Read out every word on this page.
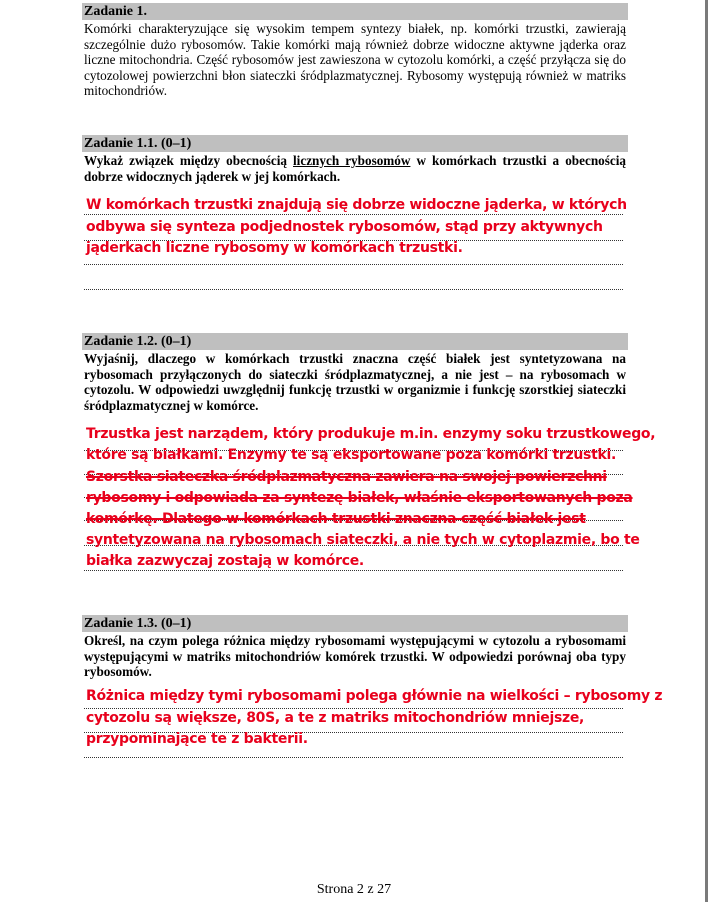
Zadanie 1.

Komórki charakteryzujące się wysokim tempem syntezy białek, np. komórki trzustki, zawierają szczególnie dużo rybosomów. Takie komórki mają również dobrze widoczne aktywne jąderka oraz liczne mitochondria. Część rybosomów jest zawieszona w cytozolu komórki, a część przyłącza się do cytozolowej powierzchni błon siateczki śródplazmatycznej. Rybosomy występują również w matriks mitochondriów.

Zadanie 1.1. (0–1)

Wykaż związek między obecnością licznych rybosomów w komórkach trzustki a obecnością dobrze widocznych jąderek w jej komórkach.

W komórkach trzustki znajdują się dobrze widoczne jąderka, w których

odbywa się synteza podjednostek rybosomów, stąd przy aktywnych

jąderkach liczne rybosomy w komórkach trzustki.

Zadanie 1.2. (0–1)

Wyjaśnij, dlaczego w komórkach trzustki znaczna część białek jest syntetyzowana na rybosomach przyłączonych do siateczki śródplazmatycznej, a nie jest – na rybosomach w cytozolu. W odpowiedzi uwzględnij funkcję trzustki w organizmie i funkcję szorstkiej siateczki śródplazmatycznej w komórce.

Trzustka jest narządem, który produkuje m.in. enzymy soku trzustkowego,

które są białkami. Enzymy te są eksportowane poza komórki trzustki.

Szorstka siateczka śródplazmatyczna zawiera na swojej powierzchni

rybosomy i odpowiada za syntezę białek, właśnie eksportowanych poza

komórkę. Dlatego w komórkach trzustki znaczna część białek jest

syntetyzowana na rybosomach siateczki, a nie tych w cytoplazmie, bo te

białka zazwyczaj zostają w komórce.

Zadanie 1.3. (0–1)

Określ, na czym polega różnica między rybosomami występującymi w cytozolu a rybosomami występującymi w matriks mitochondriów komórek trzustki. W odpowiedzi porównaj oba typy rybosomów.

Różnica między tymi rybosomami polega głównie na wielkości – rybosomy z

cytozolu są większe, 80S, a te z matriks mitochondriów mniejsze,

przypominające te z bakterii.

Strona 2 z 27
